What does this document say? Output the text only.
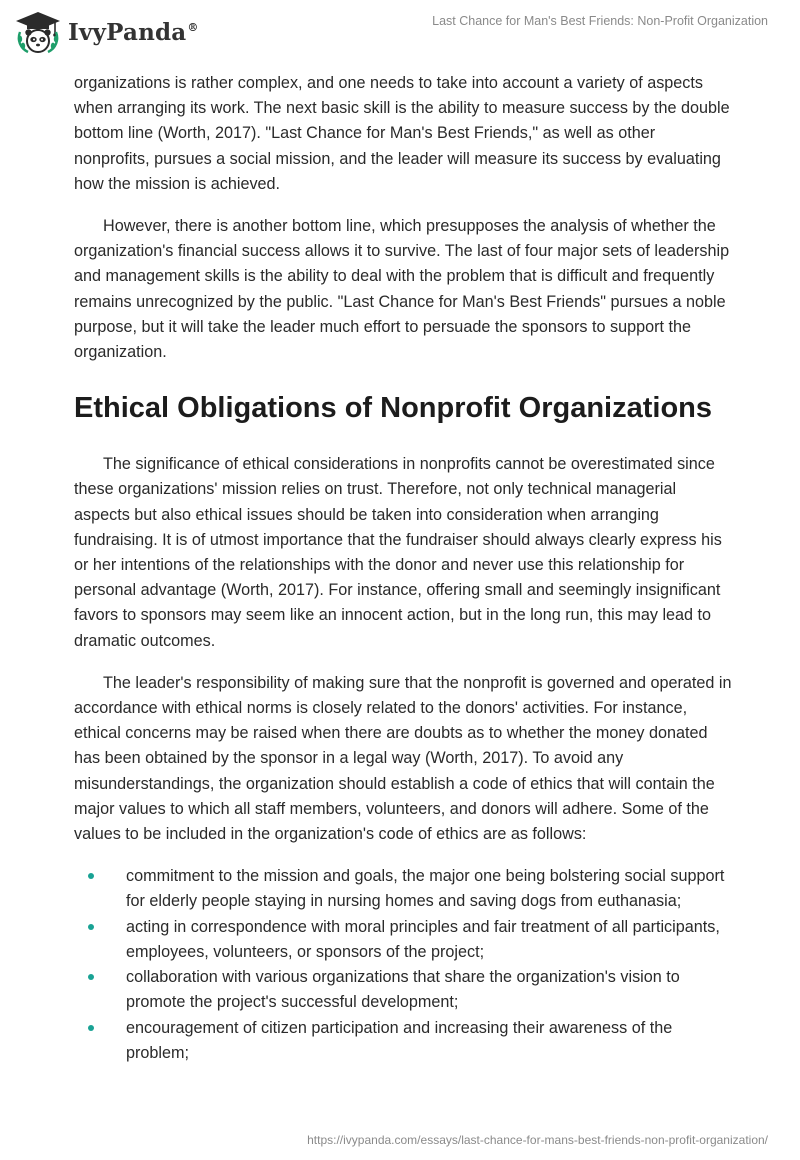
IvyPanda®	Last Chance for Man's Best Friends: Non-Profit Organization

organizations is rather complex, and one needs to take into account a variety of aspects when arranging its work. The next basic skill is the ability to measure success by the double bottom line (Worth, 2017). "Last Chance for Man's Best Friends," as well as other nonprofits, pursues a social mission, and the leader will measure its success by evaluating how the mission is achieved.

However, there is another bottom line, which presupposes the analysis of whether the organization's financial success allows it to survive. The last of four major sets of leadership and management skills is the ability to deal with the problem that is difficult and frequently remains unrecognized by the public. "Last Chance for Man's Best Friends" pursues a noble purpose, but it will take the leader much effort to persuade the sponsors to support the organization.

Ethical Obligations of Nonprofit Organizations

The significance of ethical considerations in nonprofits cannot be overestimated since these organizations' mission relies on trust. Therefore, not only technical managerial aspects but also ethical issues should be taken into consideration when arranging fundraising. It is of utmost importance that the fundraiser should always clearly express his or her intentions of the relationships with the donor and never use this relationship for personal advantage (Worth, 2017). For instance, offering small and seemingly insignificant favors to sponsors may seem like an innocent action, but in the long run, this may lead to dramatic outcomes.

The leader's responsibility of making sure that the nonprofit is governed and operated in accordance with ethical norms is closely related to the donors' activities. For instance, ethical concerns may be raised when there are doubts as to whether the money donated has been obtained by the sponsor in a legal way (Worth, 2017). To avoid any misunderstandings, the organization should establish a code of ethics that will contain the major values to which all staff members, volunteers, and donors will adhere. Some of the values to be included in the organization's code of ethics are as follows:

commitment to the mission and goals, the major one being bolstering social support for elderly people staying in nursing homes and saving dogs from euthanasia;
acting in correspondence with moral principles and fair treatment of all participants, employees, volunteers, or sponsors of the project;
collaboration with various organizations that share the organization's vision to promote the project's successful development;
encouragement of citizen participation and increasing their awareness of the problem;
https://ivypanda.com/essays/last-chance-for-mans-best-friends-non-profit-organization/
